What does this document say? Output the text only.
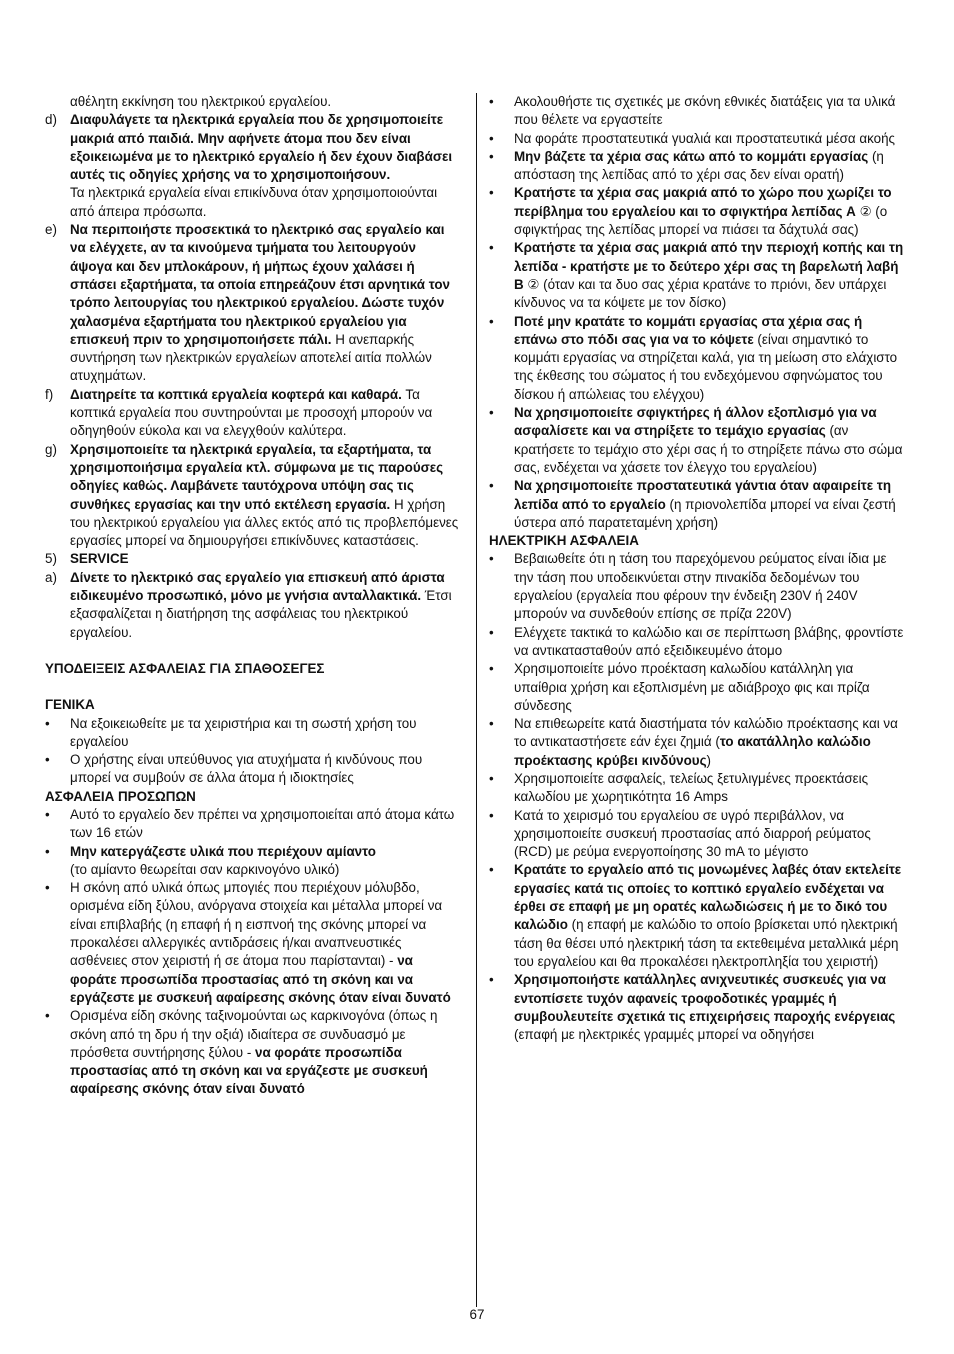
αθέλητη εκκίνηση του ηλεκτρικού εργαλείου.
d) Διαφυλάγετε τα ηλεκτρικά εργαλεία που δε χρησιμοποιείτε μακριά από παιδιά. Μην αφήνετε άτομα που δεν είναι εξοικειωμένα με το ηλεκτρικό εργαλείο ή δεν έχουν διαβάσει αυτές τις οδηγίες χρήσης να το χρησιμοποιήσουν.
Τα ηλεκτρικά εργαλεία είναι επικίνδυνα όταν χρησιμοποιούνται από άπειρα πρόσωπα.
e) Να περιποιήστε προσεκτικά το ηλεκτρικό σας εργαλείο και να ελέγχετε, αν τα κινούμενα τμήματα του λειτουργούν άψογα και δεν μπλοκάρουν, ή μήπως έχουν χαλάσει ή σπάσει εξαρτήματα, τα οποία επηρεάζουν έτσι αρνητικά τον τρόπο λειτουργίας του ηλεκτρικού εργαλείου. Δώστε τυχόν χαλασμένα εξαρτήματα του ηλεκτρικού εργαλείου για επισκευή πριν το χρησιμοποιήσετε πάλι. Η ανεπαρκής συντήρηση των ηλεκτρικών εργαλείων αποτελεί αιτία πολλών ατυχημάτων.
f) Διατηρείτε τα κοπτικά εργαλεία κοφτερά και καθαρά. Τα κοπτικά εργαλεία που συντηρούνται με προσοχή μπορούν να οδηγηθούν εύκολα και να ελεγχθούν καλύτερα.
g) Χρησιμοποιείτε τα ηλεκτρικά εργαλεία, τα εξαρτήματα, τα χρησιμοποιήσιμα εργαλεία κτλ. σύμφωνα με τις παρούσες οδηγίες καθώς. Λαμβάνετε ταυτόχρονα υπόψη σας τις συνθήκες εργασίας και την υπό εκτέλεση εργασία. Η χρήση του ηλεκτρικού εργαλείου για άλλες εκτός από τις προβλεπόμενες εργασίες μπορεί να δημιουργήσει επικίνδυνες καταστάσεις.
5) SERVICE
a) Δίνετε το ηλεκτρικό σας εργαλείο για επισκευή από άριστα ειδικευμένο προσωπικό, μόνο με γνήσια ανταλλακτικά. Έτσι εξασφαλίζεται η διατήρηση της ασφάλειας του ηλεκτρικού εργαλείου.
ΥΠΟΔΕΙΞΕΙΣ ΑΣΦΑΛΕΙΑΣ ΓΙΑ ΣΠΑΘΟΣΕΓΕΣ
ΓΕΝΙΚΑ
• Να εξοικειωθείτε με τα χειριστήρια και τη σωστή χρήση του εργαλείου
• Ο χρήστης είναι υπεύθυνος για ατυχήματα ή κινδύνους που μπορεί να συμβούν σε άλλα άτομα ή ιδιοκτησίες
ΑΣΦΑΛΕΙΑ ΠΡΟΣΩΠΩΝ
• Αυτό το εργαλείο δεν πρέπει να χρησιμοποιείται από άτομα κάτω των 16 ετών
• Μην κατεργάζεστε υλικά που περιέχουν αμίαντο
(το αμίαντο θεωρείται σαν καρκινογόνο υλικό)
• Η σκόνη από υλικά όπως μπογιές που περιέχουν μόλυβδο, ορισμένα είδη ξύλου, ανόργανα στοιχεία και μέταλλα μπορεί να είναι επιβλαβής (η επαφή ή η εισπνοή της σκόνης μπορεί να προκαλέσει αλλεργικές αντιδράσεις ή/και αναπνευστικές ασθένειες στον χειριστή ή σε άτομα που παρίστανται) - να φοράτε προσωπίδα προστασίας από τη σκόνη και να εργάζεστε με συσκευή αφαίρεσης σκόνης όταν είναι δυνατό
• Ορισμένα είδη σκόνης ταξινομούνται ως καρκινογόνα (όπως η σκόνη από τη δρυ ή την οξιά) ιδιαίτερα σε συνδυασμό με πρόσθετα συντήρησης ξύλου - να φοράτε προσωπίδα προστασίας από τη σκόνη και να εργάζεστε με συσκευή αφαίρεσης σκόνης όταν είναι δυνατό
• Ακολουθήστε τις σχετικές με σκόνη εθνικές διατάξεις για τα υλικά που θέλετε να εργαστείτε
• Να φοράτε προστατευτικά γυαλιά και προστατευτικά μέσα ακοής
• Μην βάζετε τα χέρια σας κάτω από το κομμάτι εργασίας (η απόσταση της λεπίδας από το χέρι σας δεν είναι ορατή)
• Κρατήστε τα χέρια σας μακριά από το χώρο που χωρίζει το περίβλημα του εργαλείου και το σφιγκτήρα λεπίδας A ② (ο σφιγκτήρας της λεπίδας μπορεί να πιάσει τα δάχτυλά σας)
• Κρατήστε τα χέρια σας μακριά από την περιοχή κοπής και τη λεπίδα - κρατήστε με το δεύτερο χέρι σας τη βαρελωτή λαβή B ② (όταν και τα δυο σας χέρια κρατάνε το πριόνι, δεν υπάρχει κίνδυνος να τα κόψετε με τον δίσκο)
• Ποτέ μην κρατάτε το κομμάτι εργασίας στα χέρια σας ή επάνω στο πόδι σας για να το κόψετε (είναι σημαντικό το κομμάτι εργασίας να στηρίζεται καλά, για τη μείωση στο ελάχιστο της έκθεσης του σώματος ή του ενδεχόμενου σφηνώματος του δίσκου ή απώλειας του ελέγχου)
• Να χρησιμοποιείτε σφιγκτήρες ή άλλον εξοπλισμό για να ασφαλίσετε και να στηρίξετε το τεμάχιο εργασίας (αν κρατήσετε το τεμάχιο στο χέρι σας ή το στηρίξετε πάνω στο σώμα σας, ενδέχεται να χάσετε τον έλεγχο του εργαλείου)
• Να χρησιμοποιείτε προστατευτικά γάντια όταν αφαιρείτε τη λεπίδα από το εργαλείο (η πριονολεπίδα μπορεί να είναι ζεστή ύστερα από παρατεταμένη χρήση)
ΗΛΕΚΤΡΙΚΗ ΑΣΦΑΛΕΙΑ
• Βεβαιωθείτε ότι η τάση του παρεχόμενου ρεύματος είναι ίδια με την τάση που υποδεικνύεται στην πινακίδα δεδομένων του εργαλείου (εργαλεία που φέρουν την ένδειξη 230V ή 240V μπορούν να συνδεθούν επίσης σε πρίζα 220V)
• Ελέγχετε τακτικά το καλώδιο και σε περίπτωση βλάβης, φροντίστε να αντικατασταθούν από εξειδικευμένο άτομο
• Χρησιμοποιείτε μόνο προέκταση καλωδίου κατάλληλη για υπαίθρια χρήση και εξοπλισμένη με αδιάβροχο φις και πρίζα σύνδεσης
• Να επιθεωρείτε κατά διαστήματα τόν καλώδιο προέκτασης και να το αντικαταστήσετε εάν έχει ζημιά (το ακατάλληλο καλώδιο προέκτασης κρύβει κινδύνους)
• Χρησιμοποιείτε ασφαλείς, τελείως ξετυλιγμένες προεκτάσεις καλωδίου με χωρητικότητα 16 Amps
• Κατά το χειρισμό του εργαλείου σε υγρό περιβάλλον, να χρησιμοποιείτε συσκευή προστασίας από διαρροή ρεύματος (RCD) με ρεύμα ενεργοποίησης 30 mA το μέγιστο
• Κρατάτε το εργαλείο από τις μονωμένες λαβές όταν εκτελείτε εργασίες κατά τις οποίες το κοπτικό εργαλείο ενδέχεται να έρθει σε επαφή με μη ορατές καλωδιώσεις ή με το δικό του καλώδιο (η επαφή με καλώδιο το οποίο βρίσκεται υπό ηλεκτρική τάση θα θέσει υπό ηλεκτρική τάση τα εκτεθειμένα μεταλλικά μέρη του εργαλείου και θα προκαλέσει ηλεκτροπληξία του χειριστή)
• Χρησιμοποιήστε κατάλληλες ανιχνευτικές συσκευές για να εντοπίσετε τυχόν αφανείς τροφοδοτικές γραμμές ή συμβουλευτείτε σχετικά τις επιχειρήσεις παροχής ενέργειας
(επαφή με ηλεκτρικές γραμμές μπορεί να οδηγήσει
67
